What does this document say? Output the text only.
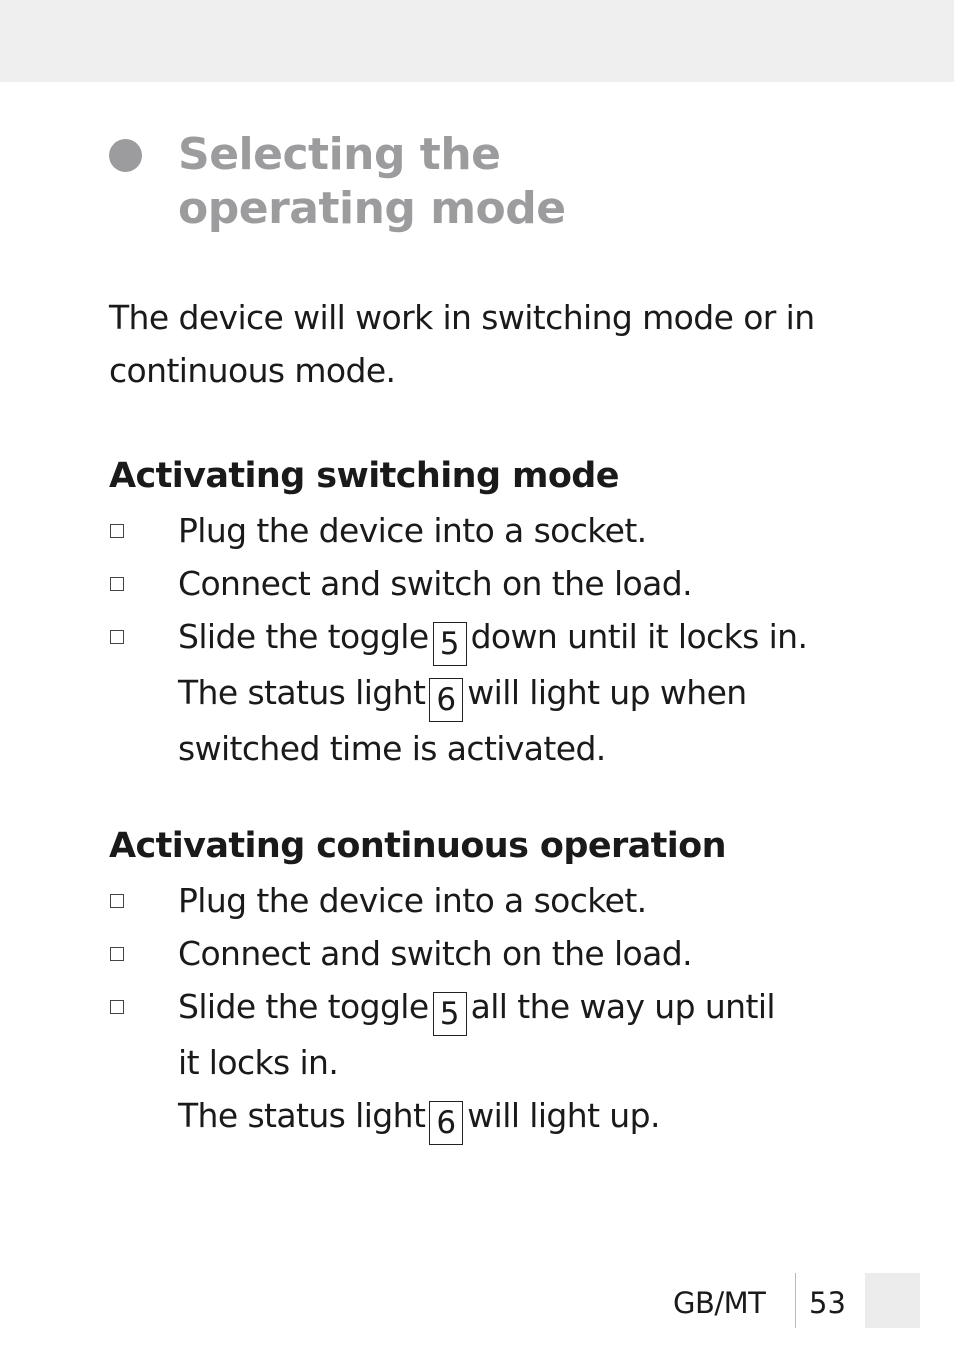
Selecting the
operating mode

The device will work in switching mode or in
continuous mode.

Activating switching mode
Plug the device into a socket.
Connect and switch on the load.
Slide the toggle 5 down until it locks in.
The status light 6 will light up when
switched time is activated.
Activating continuous operation
Plug the device into a socket.
Connect and switch on the load.
Slide the toggle 5 all the way up until
it locks in.
The status light 6 will light up.
GB/MT 53
